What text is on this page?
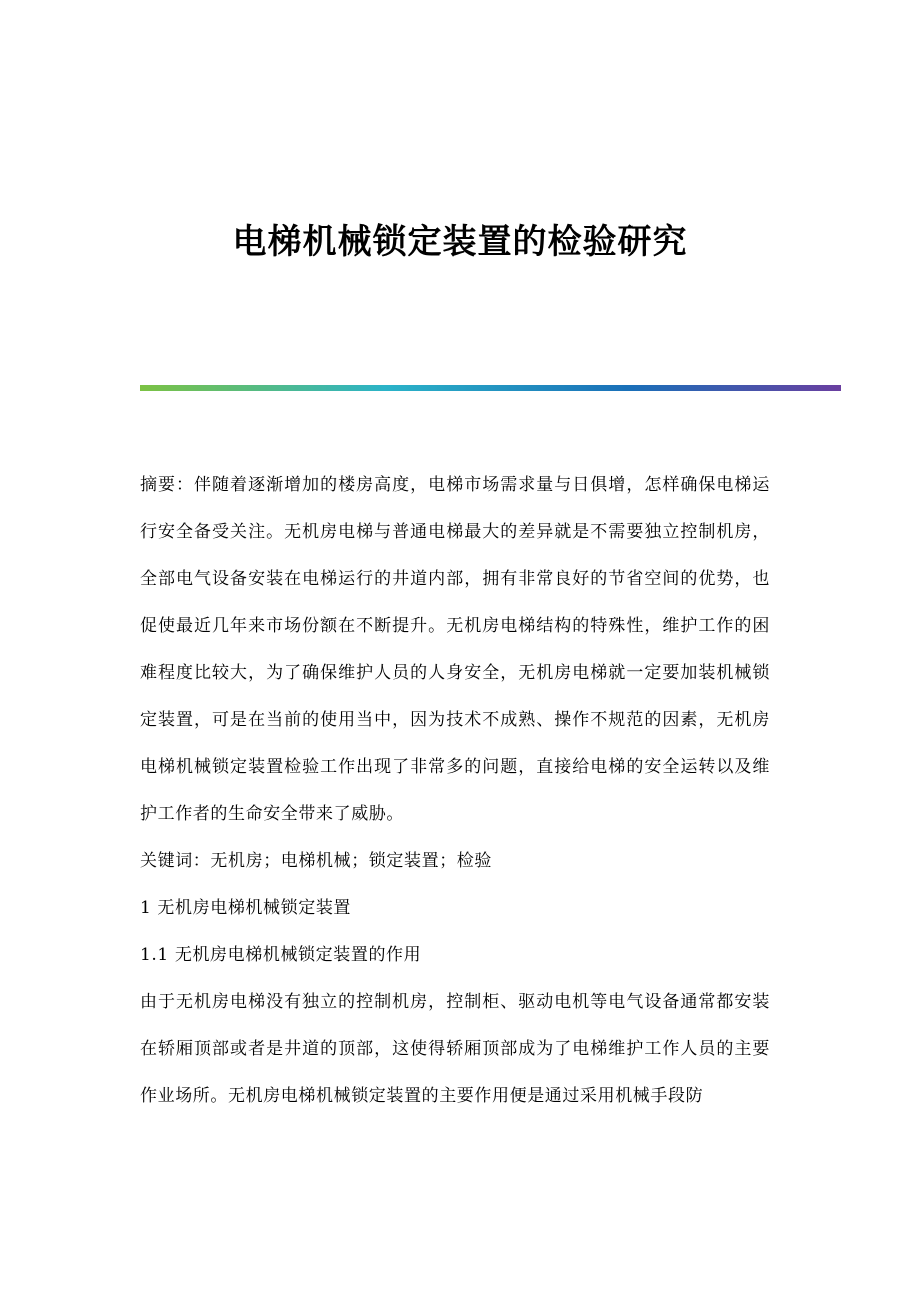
电梯机械锁定装置的检验研究

摘要：伴随着逐渐增加的楼房高度，电梯市场需求量与日俱增，怎样确保电梯运行安全备受关注。无机房电梯与普通电梯最大的差异就是不需要独立控制机房，全部电气设备安装在电梯运行的井道内部，拥有非常良好的节省空间的优势，也促使最近几年来市场份额在不断提升。无机房电梯结构的特殊性，维护工作的困难程度比较大，为了确保维护人员的人身安全，无机房电梯就一定要加装机械锁定装置，可是在当前的使用当中，因为技术不成熟、操作不规范的因素，无机房电梯机械锁定装置检验工作出现了非常多的问题，直接给电梯的安全运转以及维护工作者的生命安全带来了威胁。

关键词：无机房；电梯机械；锁定装置；检验

1 无机房电梯机械锁定装置

1.1 无机房电梯机械锁定装置的作用

由于无机房电梯没有独立的控制机房，控制柜、驱动电机等电气设备通常都安装在轿厢顶部或者是井道的顶部，这使得轿厢顶部成为了电梯维护工作人员的主要作业场所。无机房电梯机械锁定装置的主要作用便是通过采用机械手段防
